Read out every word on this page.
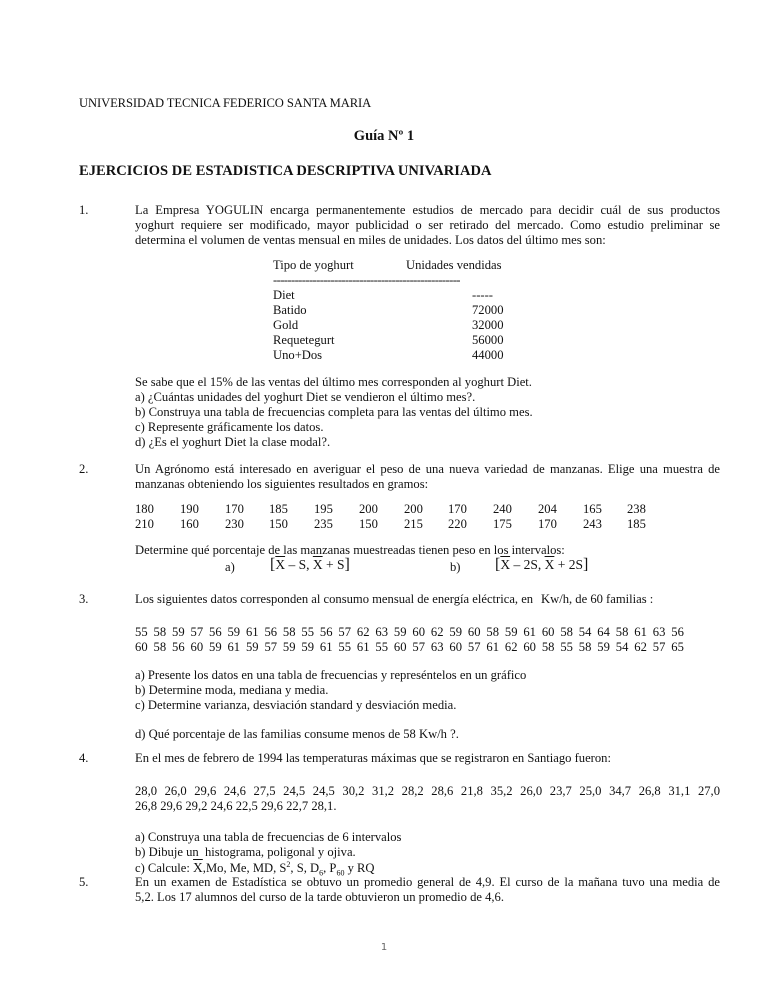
UNIVERSIDAD TECNICA FEDERICO SANTA MARIA
Guía Nº 1
EJERCICIOS DE ESTADISTICA DESCRIPTIVA UNIVARIADA
1.	La Empresa YOGULIN encarga permanentemente estudios de mercado para decidir cuál de sus productos
yoghurt requiere ser modificado, mayor publicidad o ser retirado del mercado. Como estudio preliminar se
determina el volumen de ventas mensual en miles de unidades. Los datos del último mes son:
Tipo de yoghurt	Unidades vendidas
----------------------------------------------------
Diet	-----
Batido	72000
Gold	32000
Requetegurt	56000
Uno+Dos	44000
Se sabe que el 15% de las ventas del último mes corresponden al yoghurt Diet.
a) ¿Cuántas unidades del yoghurt Diet se vendieron el último mes?.
b) Construya una tabla de frecuencias completa para las ventas del último mes.
c) Represente gráficamente los datos.
d) ¿Es el yoghurt Diet la clase modal?.
2.	Un Agrónomo está interesado en averiguar el peso de una nueva variedad de manzanas. Elige una muestra de
manzanas obteniendo los siguientes resultados en gramos:
180 190 170 185 195 200 200 170 240 204 165 238
210 160 230 150 235 150 215 220 175 170 243 185
Determine qué porcentaje de las manzanas muestreadas tienen peso en los intervalos:
a) [$\overline{X}$ – S, $\overline{X} + S$]	b) [$\overline{X} - 2S$, $\overline{X} + 2S$]
3.	Los siguientes datos corresponden al consumo mensual de energía eléctrica, en Kw/h, de 60 familias :
55 58 59 57 56 59 61 56 58 55 56 57 62 63 59 60 62 59 60 58 59 61 60 58 54 64 58 61 63 56
60 58 56 60 59 61 59 57 59 59 61 55 61 55 60 57 63 60 57 61 62 60 58 55 58 59 54 62 57 65
a) Presente los datos en una tabla de frecuencias y represéntelos en un gráfico
b) Determine moda, mediana y media.
c) Determine varianza, desviación standard y desviación media.
d) Qué porcentaje de las familias consume menos de 58 Kw/h ?.
4.	En el mes de febrero de 1994 las temperaturas máximas que se registraron en Santiago fueron:
28,0 26,0 29,6 24,6 27,5 24,5 24,5 30,2 31,2 28,2 28,6 21,8 35,2 26,0 23,7 25,0 34,7 26,8 31,1 27,0
26,8 29,6 29,2 24,6 22,5 29,6 22,7 28,1.
a) Construya una tabla de frecuencias de 6 intervalos
b) Dibuje un  histograma, poligonal y ojiva.
c) Calcule: $\overline{X},Mo$, Me, MD, $S^2$, S, $D_6$, $P_{60}$ y RQ
5.	En un examen de Estadística se obtuvo un promedio general de 4,9. El curso de la mañana tuvo una media de
5,2. Los 17 alumnos del curso de la tarde obtuvieron un promedio de 4,6.
1
